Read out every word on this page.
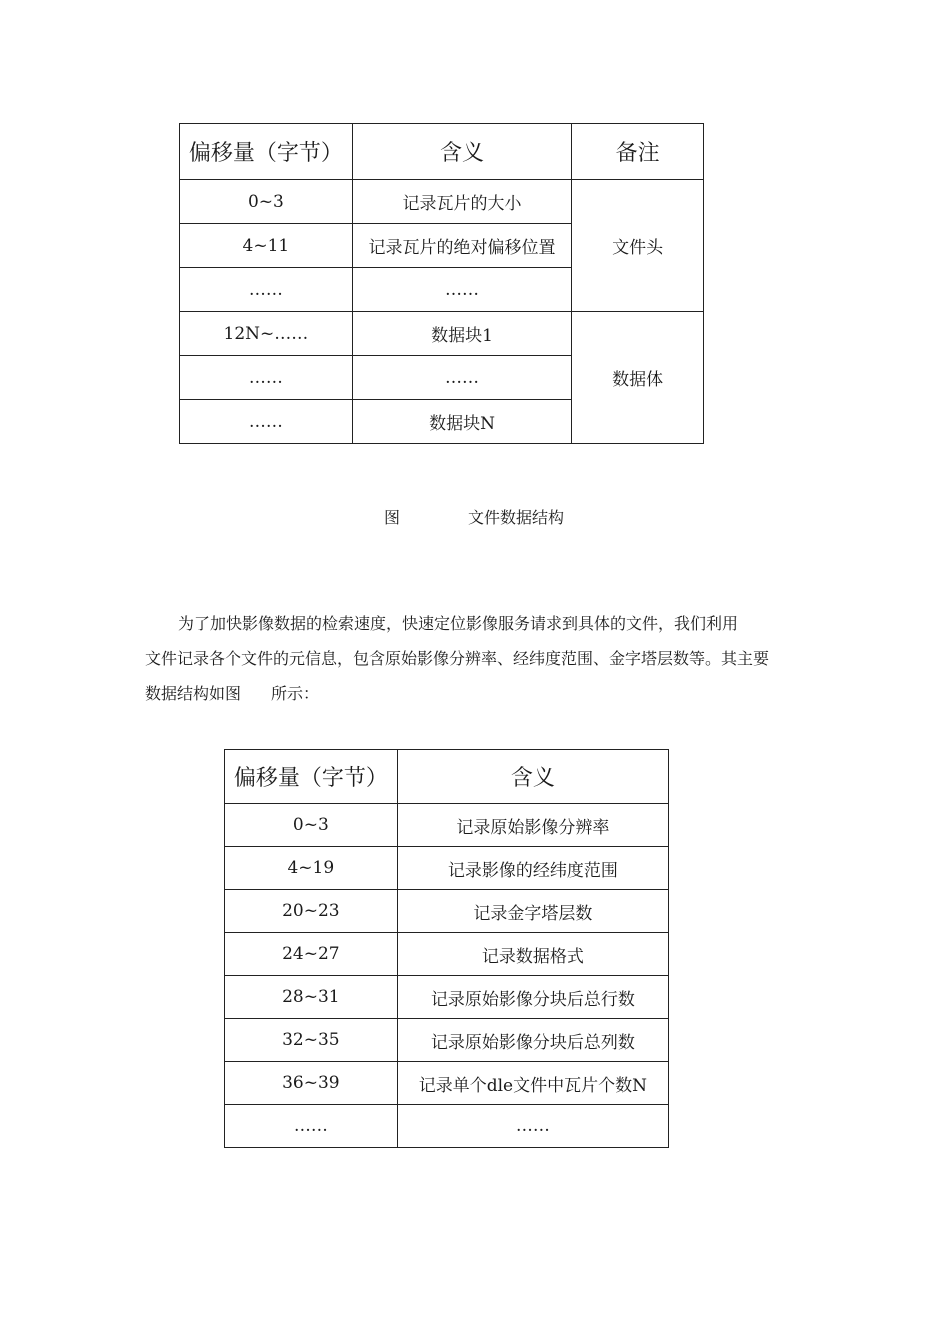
偏移量（字节）	含义	备注
0~3	记录瓦片的大小	文件头
4~11	记录瓦片的绝对偏移位置	
……	……	
12N~……	数据块1	数据体
……	……	
……	数据块N	
图	文件数据结构
为了加快影像数据的检索速度，快速定位影像服务请求到具体的文件，我们利用
文件记录各个文件的元信息，包含原始影像分辨率、经纬度范围、金字塔层数等。其主要
数据结构如图 所示：
偏移量（字节）	含义
0~3	记录原始影像分辨率
4~19	记录影像的经纬度范围
20~23	记录金字塔层数
24~27	记录数据格式
28~31	记录原始影像分块后总行数
32~35	记录原始影像分块后总列数
36~39	记录单个dle文件中瓦片个数N
……	……
